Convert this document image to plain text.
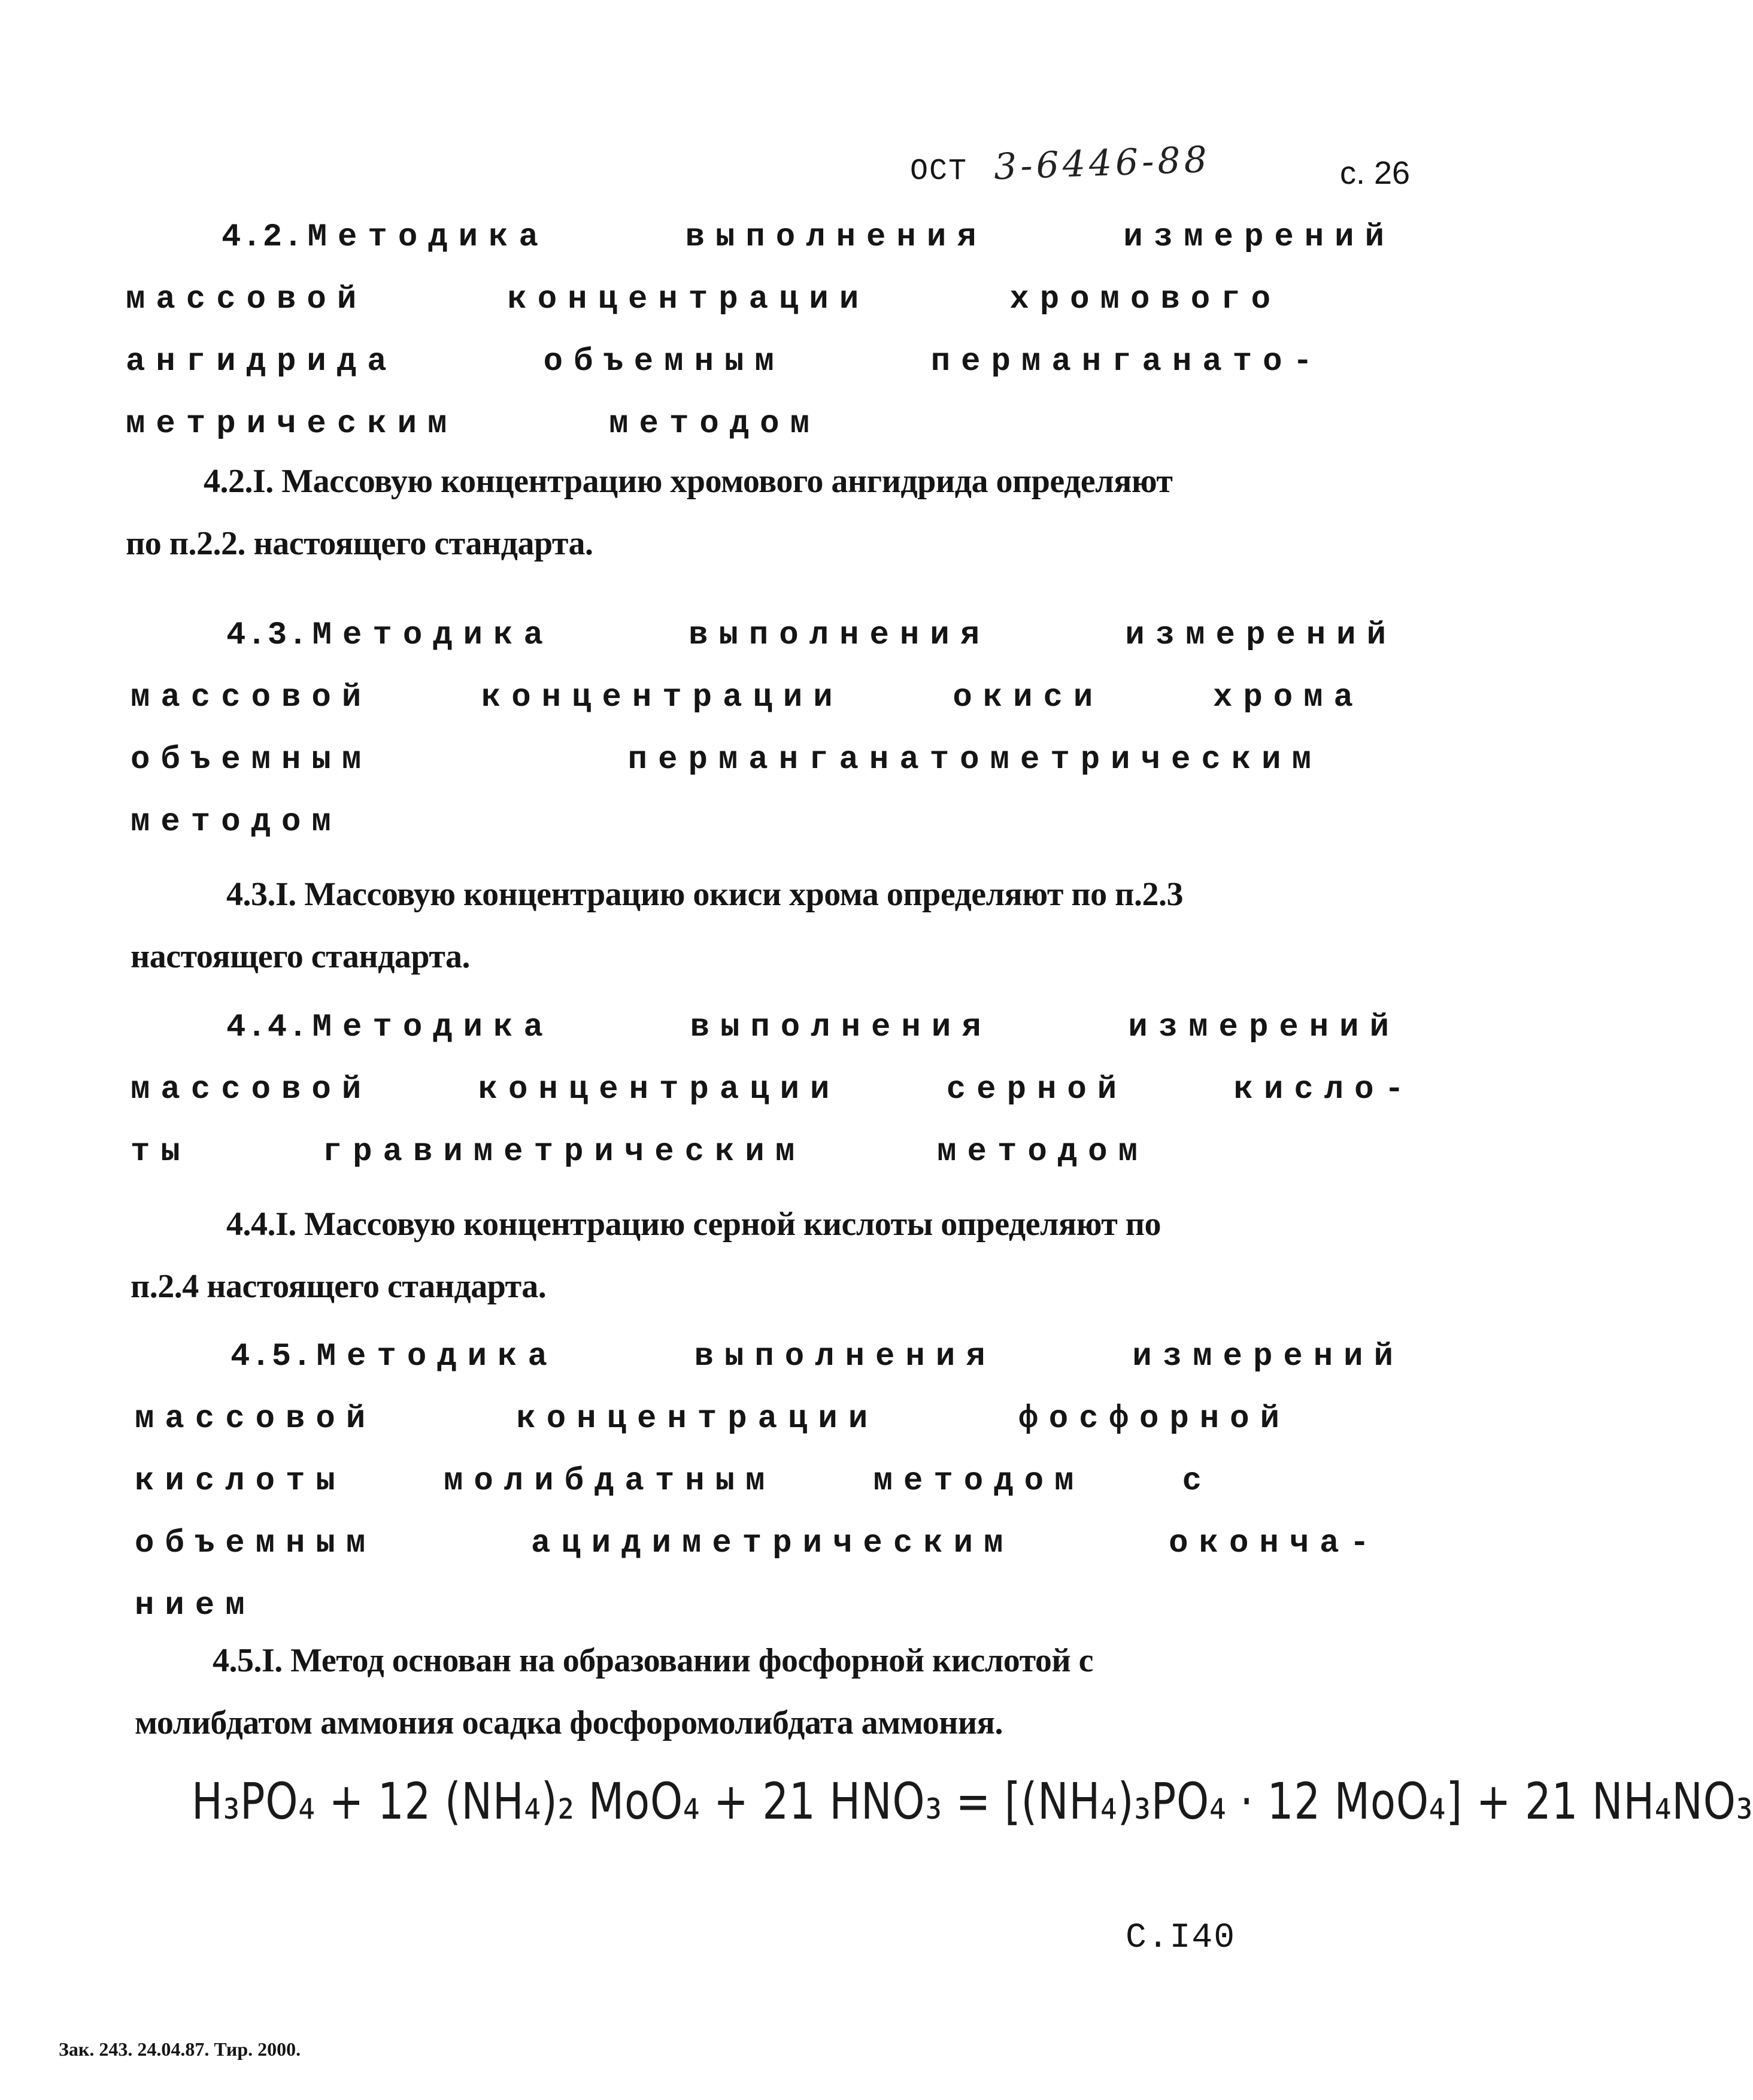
ОСТ 3-6446-88	с. 26
4.2. Методика	выполнения	измерений
массовой	концентрации	хромового
ангидрида	объемным	перманганато-
метрическим	методом
4.2.I. Массовую концентрацию хромового ангидрида определяют
по п.2.2. настоящего стандарта.
4.3. Методика	выполнения	измерений
массовой	концентрации	окиси	хрома
объемным	перманганатометрическим
методом
4.3.I. Массовую концентрацию окиси хрома определяют по п.2.3
настоящего стандарта.
4.4. Методика	выполнения	измерений
массовой	концентрации	серной	кисло-
ты	гравиметрическим	методом
4.4.I. Массовую концентрацию серной кислоты определяют по
п.2.4 настоящего стандарта.
4.5. Методика	выполнения	измерений
массовой	концентрации	фосфорной
кислоты	молибдатным	методом	с
объемным	ацидиметрическим	оконча-
нием
4.5.I. Метод основан на образовании фосфорной кислотой с
молибдатом аммония осадка фосфоромолибдата аммония.
H₃PO₄ + 12 (NH₄)₂ MoO₄ + 21 HNO₃ = [(NH₄)₃PO₄ · 12 MoO₄] + 21 NH₄NO₃
С.I40
Зак. 243. 24.04.87. Тир. 2000.
